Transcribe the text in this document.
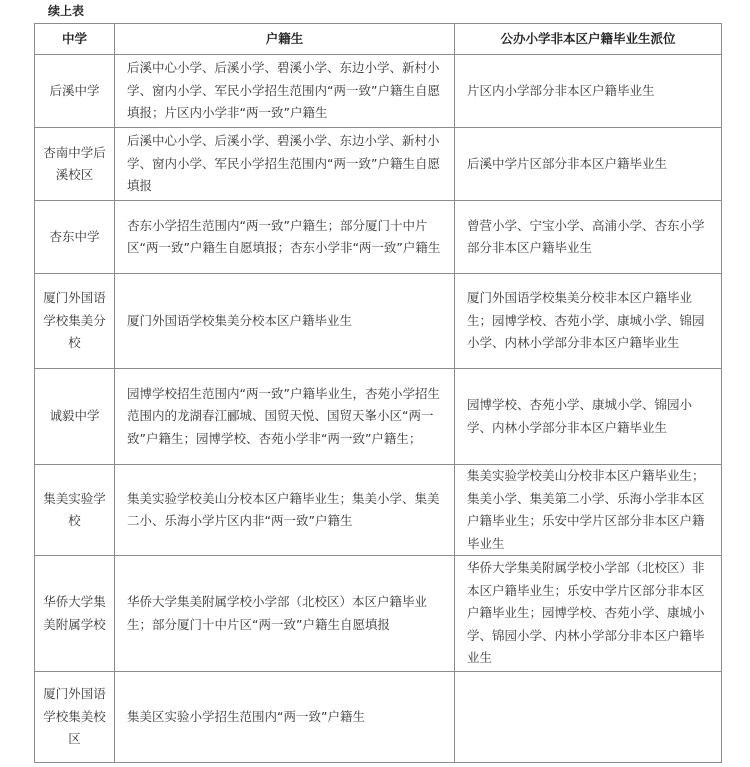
续上表
中学	户籍生	公办小学非本区户籍毕业生派位
后溪中学	后溪中心小学、后溪小学、碧溪小学、东边小学、新村小学、窗内小学、军民小学招生范围内“两一致”户籍生自愿填报；片区内小学非“两一致”户籍生	片区内小学部分非本区户籍毕业生
杏南中学后溪校区	后溪中心小学、后溪小学、碧溪小学、东边小学、新村小学、窗内小学、军民小学招生范围内“两一致”户籍生自愿填报	后溪中学片区部分非本区户籍毕业生
杏东中学	杏东小学招生范围内“两一致”户籍生；部分厦门十中片区“两一致”户籍生自愿填报；杏东小学非“两一致”户籍生	曾营小学、宁宝小学、高浦小学、杏东小学部分非本区户籍毕业生
厦门外国语学校集美分校	厦门外国语学校集美分校本区户籍毕业生	厦门外国语学校集美分校非本区户籍毕业生；园博学校、杏苑小学、康城小学、锦园小学、内林小学部分非本区户籍毕业生
诚毅中学	园博学校招生范围内“两一致”户籍毕业生，杏苑小学招生范围内的龙湖春江郦城、国贸天悦、国贸天峯小区“两一致”户籍生；园博学校、杏苑小学非“两一致”户籍生；	园博学校、杏苑小学、康城小学、锦园小学、内林小学部分非本区户籍毕业生
集美实验学校	集美实验学校美山分校本区户籍毕业生；集美小学、集美二小、乐海小学片区内非“两一致”户籍生	集美实验学校美山分校非本区户籍毕业生；集美小学、集美第二小学、乐海小学非本区户籍毕业生；乐安中学片区部分非本区户籍毕业生
华侨大学集美附属学校	华侨大学集美附属学校小学部（北校区）本区户籍毕业生；部分厦门十中片区“两一致”户籍生自愿填报	华侨大学集美附属学校小学部（北校区）非本区户籍毕业生；乐安中学片区部分非本区户籍毕业生；园博学校、杏苑小学、康城小学、锦园小学、内林小学部分非本区户籍毕业生
厦门外国语学校集美校区	集美区实验小学招生范围内“两一致”户籍生	
